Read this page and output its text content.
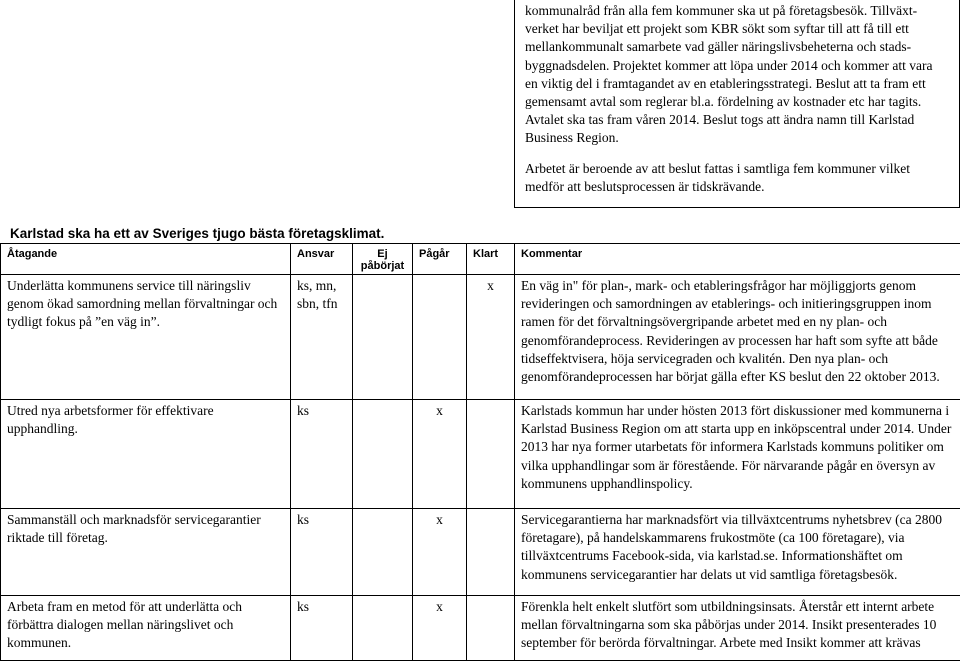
kommunalråd från alla fem kommuner ska ut på företagsbesök. Tillväxt-
verket har beviljat ett projekt som KBR sökt som syftar till att få till ett
mellankommunalt samarbete vad gäller näringslivsbeheterna och stads-
byggnadsdelen. Projektet kommer att löpa under 2014 och kommer att vara
en viktig del i framtagandet av en etableringsstrategi. Beslut att ta fram ett
gemensamt avtal som reglerar bl.a. fördelning av kostnader etc har tagits.
Avtalet ska tas fram våren 2014. Beslut togs att ändra namn till Karlstad
Business Region.

Arbetet är beroende av att beslut fattas i samtliga fem kommuner vilket
medför att beslutsprocessen är tidskrävande.

Karlstad ska ha ett av Sveriges tjugo bästa företagsklimat.
Åtagande	Ansvar	Ej påbörjat	Pågår	Klart	Kommentar
Underlätta kommunens service till näringsliv genom ökad samordning mellan förvaltningar och tydligt fokus på ”en väg in”.	ks, mn, sbn, tfn			x	En väg in" för plan-, mark- och etableringsfrågor har möjliggjorts genom revideringen och samordningen av etablerings- och initieringsgruppen inom ramen för det förvaltningsövergripande arbetet med en ny plan- och genomförandeprocess. Revideringen av processen har haft som syfte att både tidseffektvisera, höja servicegraden och kvalitén. Den nya plan- och genomförandeprocessen har börjat gälla efter KS beslut den 22 oktober 2013.
Utred nya arbetsformer för effektivare upphandling.	ks		x		Karlstads kommun har under hösten 2013 fört diskussioner med kommunerna i Karlstad Business Region om att starta upp en inköpscentral under 2014. Under 2013 har nya former utarbetats för informera Karlstads kommuns politiker om vilka upphandlingar som är förestående. För närvarande pågår en översyn av kommunens upphandlinspolicy.
Sammanställ och marknadsför servicegarantier riktade till företag.	ks		x		Servicegarantierna har marknadsfört via tillväxtcentrums nyhetsbrev (ca 2800 företagare), på handelskammarens frukostmöte (ca 100 företagare), via tillväxtcentrums Facebook-sida, via karlstad.se. Informationshäftet om kommunens servicegarantier har delats ut vid samtliga företagsbesök.
Arbeta fram en metod för att underlätta och förbättra dialogen mellan näringslivet och kommunen.	ks		x		Förenkla helt enkelt slutfört som utbildningsinsats. Återstår ett internt arbete mellan förvaltningarna som ska påbörjas under 2014. Insikt presenterades 10 september för berörda förvaltningar. Arbete med Insikt kommer att krävas
